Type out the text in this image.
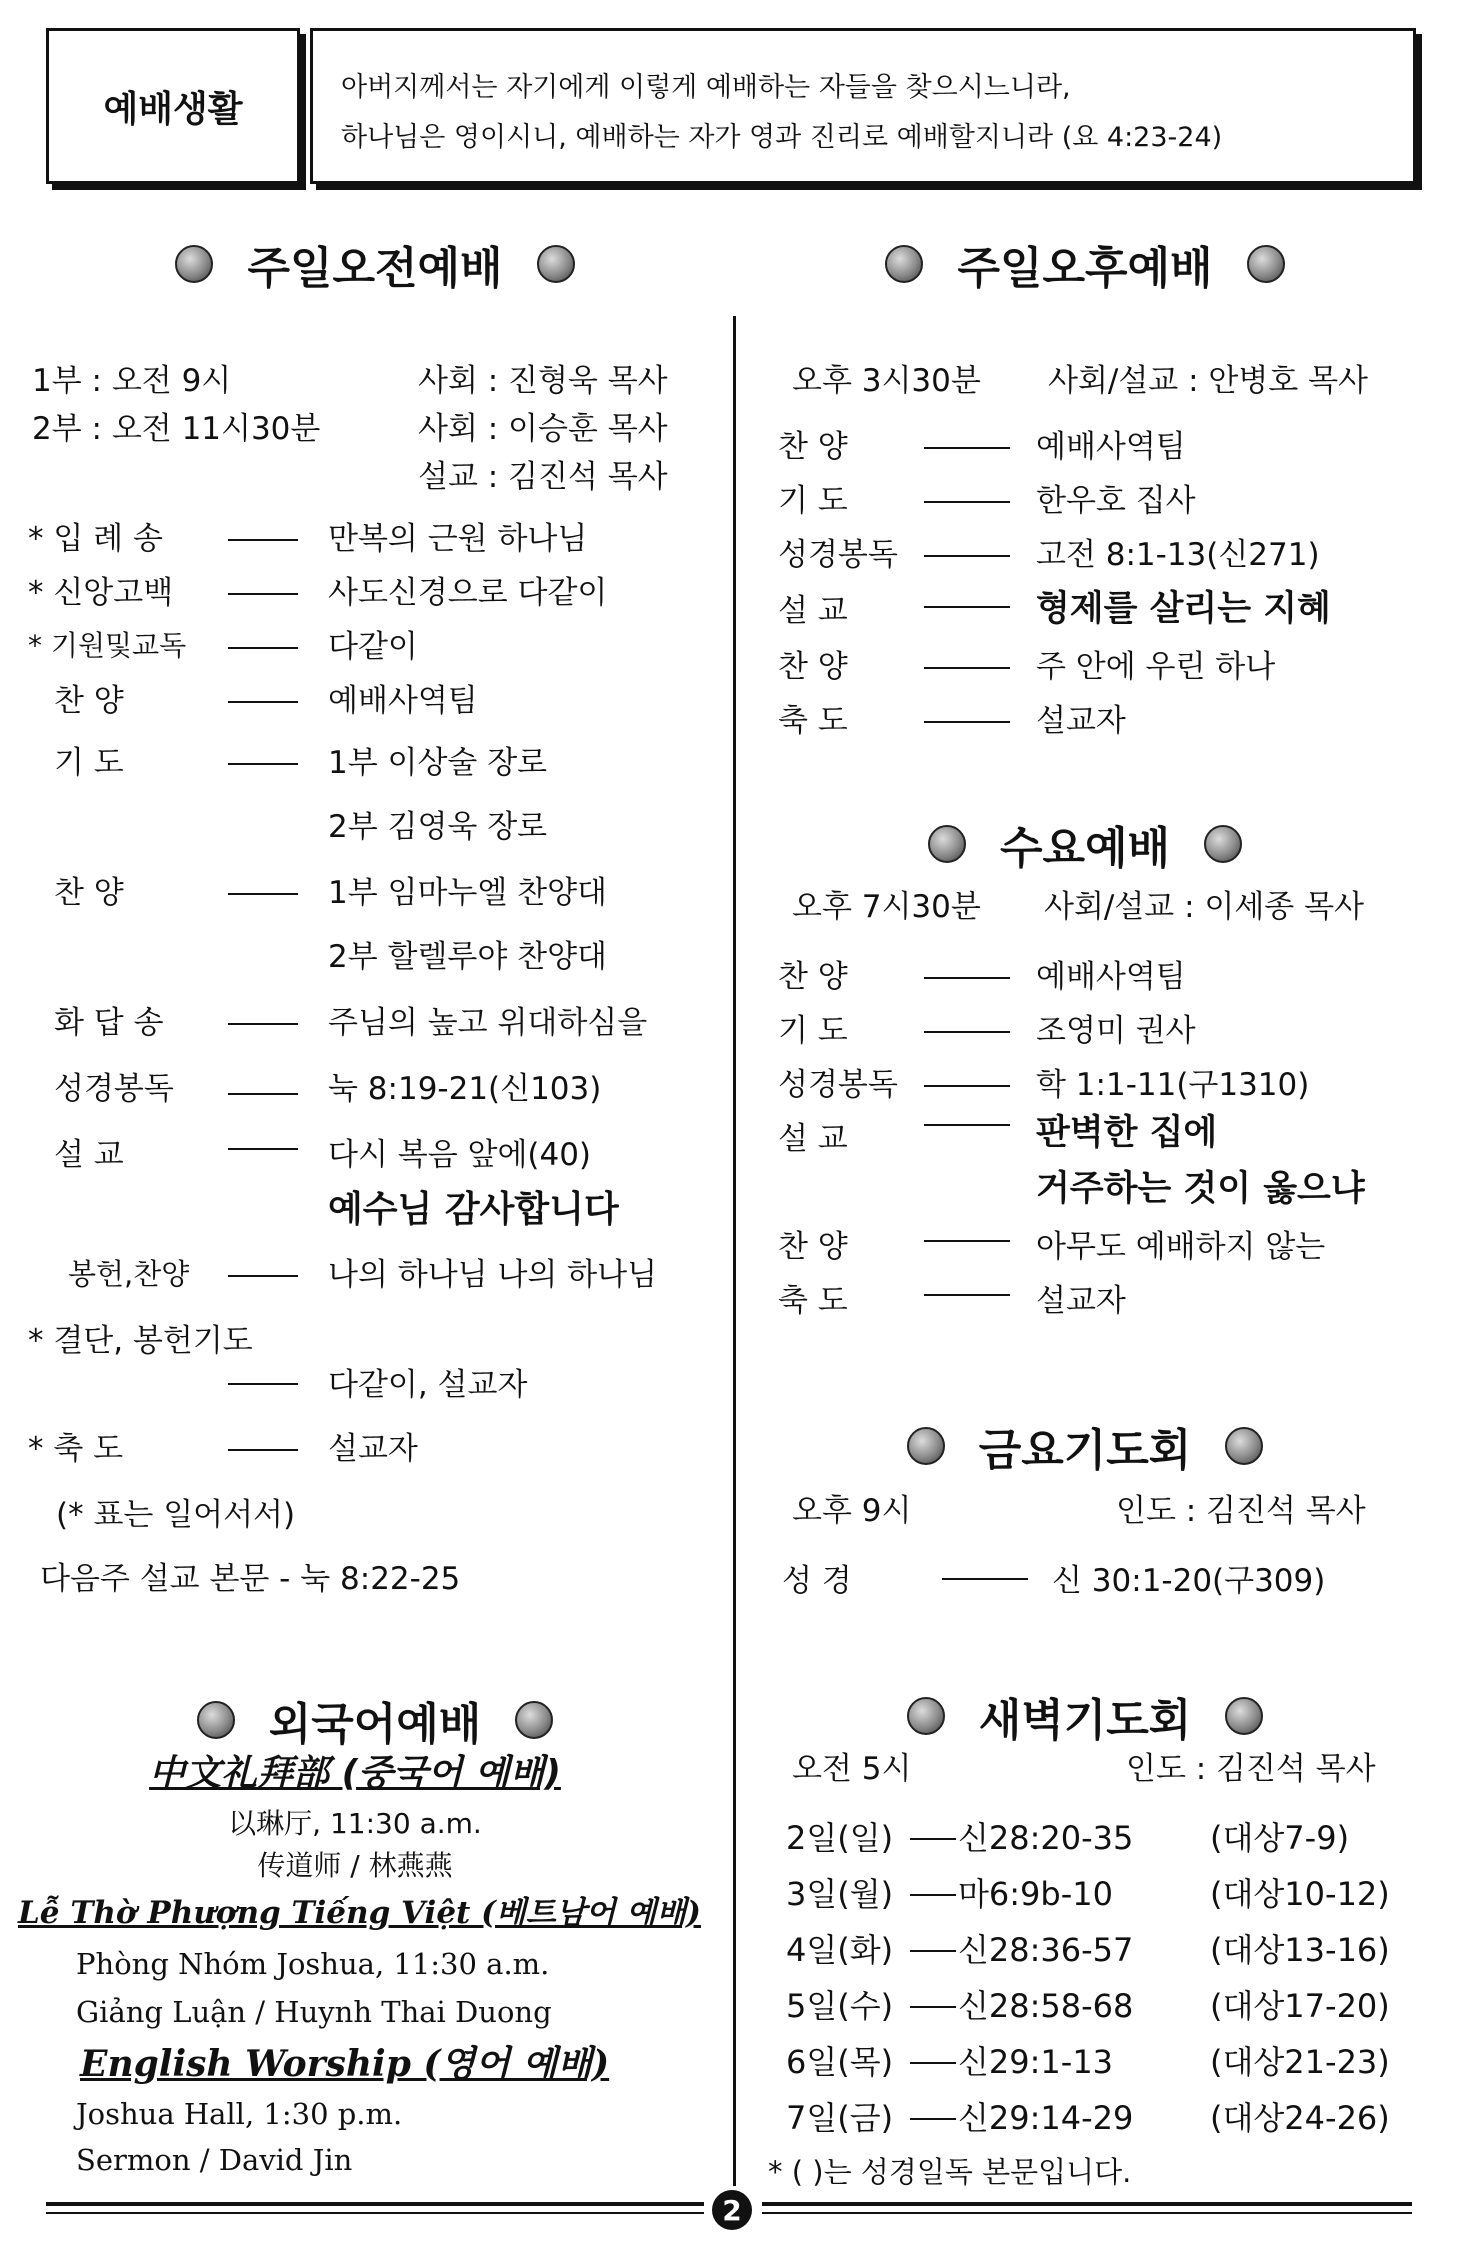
예배생활
아버지께서는 자기에게 이렇게 예배하는 자들을 찾으시느니라,
하나님은 영이시니, 예배하는 자가 영과 진리로 예배할지니라 (요 4:23-24)
주일오전예배
1부 : 오전 9시	사회 : 진형욱 목사
2부 : 오전 11시30분	사회 : 이승훈 목사
설교 : 김진석 목사
* 입 례 송	만복의 근원 하나님
* 신앙고백	사도신경으로 다같이
* 기원및교독	다같이
찬 양	예배사역팀
기 도	1부 이상술 장로
2부 김영욱 장로
찬 양	1부 임마누엘 찬양대
2부 할렐루야 찬양대
화 답 송	주님의 높고 위대하심을
성경봉독	눅 8:19-21(신103)
설 교	다시 복음 앞에(40)
예수님 감사합니다
봉헌,찬양	나의 하나님 나의 하나님
* 결단, 봉헌기도
다같이, 설교자
* 축 도	설교자
(* 표는 일어서서)
다음주 설교 본문 - 눅 8:22-25
외국어예배
中文礼拜部 (중국어 예배)
以琳厅, 11:30 a.m.
传道师 / 林燕燕
Lễ Thờ Phượng Tiếng Việt (베트남어 예배)
Phòng Nhóm Joshua, 11:30 a.m.
Giảng Luận / Huynh Thai Duong
English Worship (영어 예배)
Joshua Hall, 1:30 p.m.
Sermon / David Jin
주일오후예배
오후 3시30분 사회/설교 : 안병호 목사
찬 양	예배사역팀
기 도	한우호 집사
성경봉독	고전 8:1-13(신271)
설 교	형제를 살리는 지혜
찬 양	주 안에 우린 하나
축 도	설교자
수요예배
오후 7시30분 사회/설교 : 이세종 목사
찬 양	예배사역팀
기 도	조영미 권사
성경봉독	학 1:1-11(구1310)
설 교	판벽한 집에
거주하는 것이 옳으냐
찬 양	아무도 예배하지 않는
축 도	설교자
금요기도회
오후 9시	인도 : 김진석 목사
성 경	신 30:1-20(구309)
새벽기도회
오전 5시	인도 : 김진석 목사
2일(일) 신28:20-35 (대상7-9)
3일(월) 마6:9b-10	(대상10-12)
4일(화) 신28:36-57 (대상13-16)
5일(수) 신28:58-68 (대상17-20)
6일(목) 신29:1-13	(대상21-23)
7일(금) 신29:14-29 (대상24-26)
* ( )는 성경일독 본문입니다.
2
